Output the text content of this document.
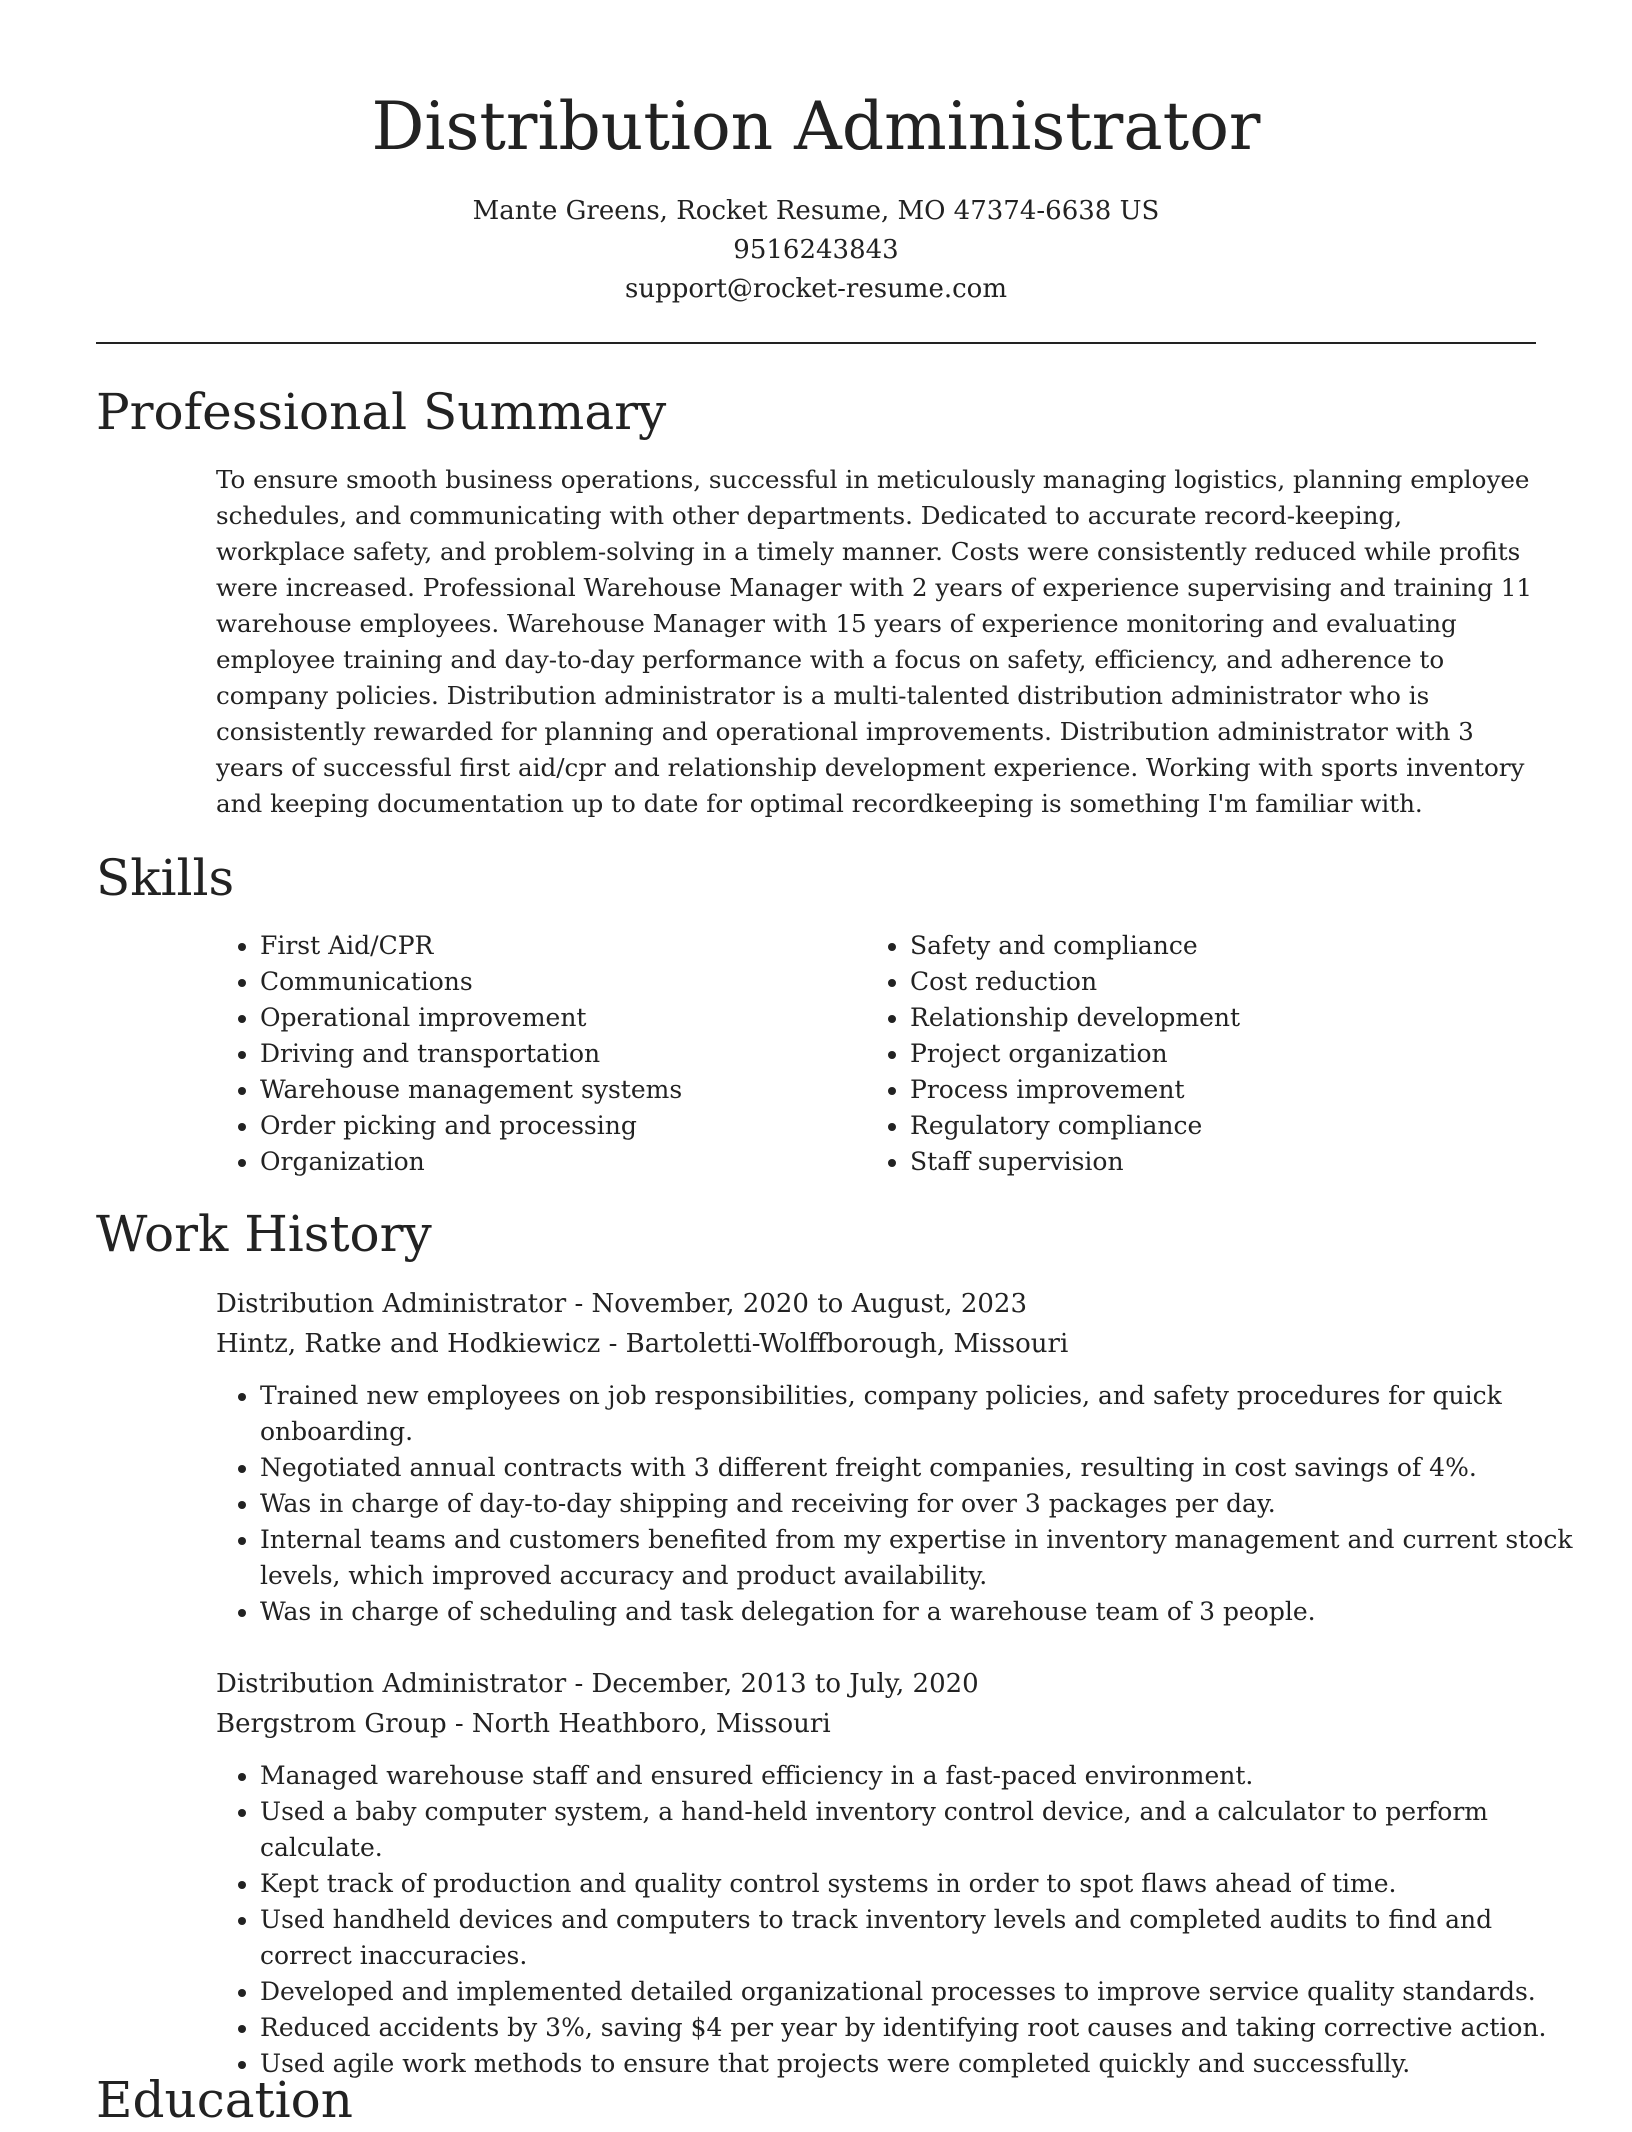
Distribution Administrator
Mante Greens, Rocket Resume, MO 47374-6638 US
9516243843
support@rocket-resume.com
Professional Summary

To ensure smooth business operations, successful in meticulously managing logistics, planning employee schedules, and communicating with other departments. Dedicated to accurate record-keeping, workplace safety, and problem-solving in a timely manner. Costs were consistently reduced while profits were increased. Professional Warehouse Manager with 2 years of experience supervising and training 11 warehouse employees. Warehouse Manager with 15 years of experience monitoring and evaluating employee training and day-to-day performance with a focus on safety, efficiency, and adherence to company policies. Distribution administrator is a multi-talented distribution administrator who is consistently rewarded for planning and operational improvements. Distribution administrator with 3 years of successful first aid/cpr and relationship development experience. Working with sports inventory and keeping documentation up to date for optimal recordkeeping is something I'm familiar with.

Skills
• First Aid/CPR
• Communications
• Operational improvement
• Driving and transportation
• Warehouse management systems
• Order picking and processing
• Organization
• Safety and compliance
• Cost reduction
• Relationship development
• Project organization
• Process improvement
• Regulatory compliance
• Staff supervision
Work History
Distribution Administrator - November, 2020 to August, 2023
Hintz, Ratke and Hodkiewicz - Bartoletti-Wolffborough, Missouri
• Trained new employees on job responsibilities, company policies, and safety procedures for quick onboarding.
• Negotiated annual contracts with 3 different freight companies, resulting in cost savings of 4%.
• Was in charge of day-to-day shipping and receiving for over 3 packages per day.
• Internal teams and customers benefited from my expertise in inventory management and current stock levels, which improved accuracy and product availability.
• Was in charge of scheduling and task delegation for a warehouse team of 3 people.
Distribution Administrator - December, 2013 to July, 2020
Bergstrom Group - North Heathboro, Missouri
• Managed warehouse staff and ensured efficiency in a fast-paced environment.
• Used a baby computer system, a hand-held inventory control device, and a calculator to perform calculate.
• Kept track of production and quality control systems in order to spot flaws ahead of time.
• Used handheld devices and computers to track inventory levels and completed audits to find and correct inaccuracies.
• Developed and implemented detailed organizational processes to improve service quality standards.
• Reduced accidents by 3%, saving $4 per year by identifying root causes and taking corrective action.
• Used agile work methods to ensure that projects were completed quickly and successfully.
Education
